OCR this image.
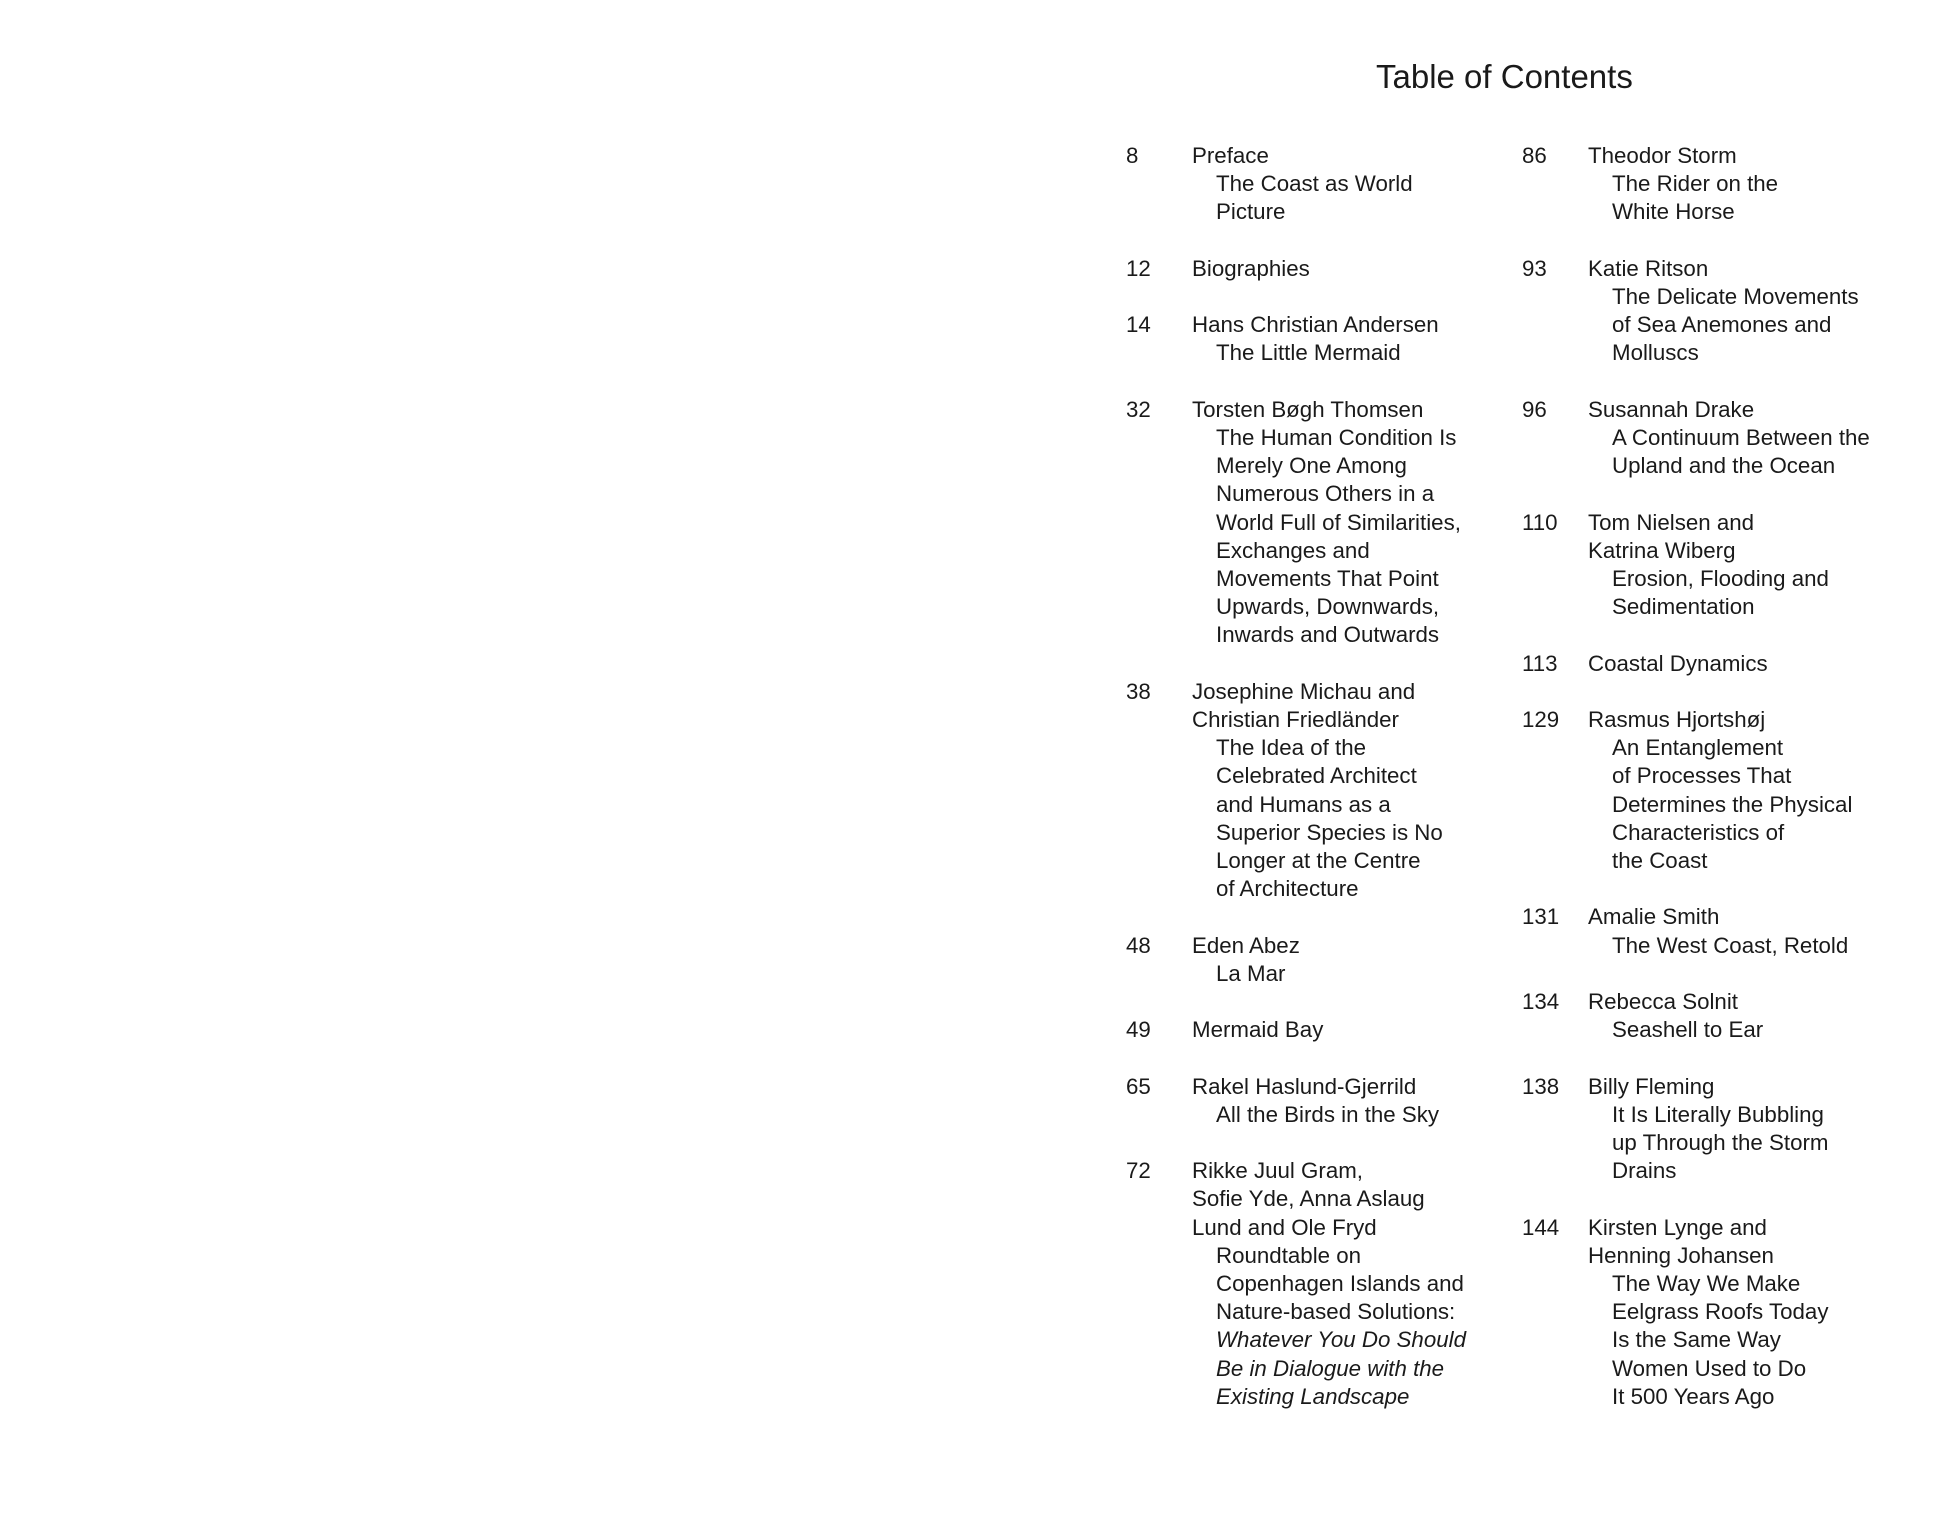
Table of Contents
8	Preface
The Coast as World
Picture
12	Biographies
14	Hans Christian Andersen
The Little Mermaid
32	Torsten Bøgh Thomsen
The Human Condition Is
Merely One Among
Numerous Others in a
World Full of Similarities,
Exchanges and
Movements That Point
Upwards, Downwards,
Inwards and Outwards
38	Josephine Michau and
Christian Friedländer
The Idea of the
Celebrated Architect
and Humans as a
Superior Species is No
Longer at the Centre
of Architecture
48	Eden Abez
La Mar
49	Mermaid Bay
65	Rakel Haslund-Gjerrild
All the Birds in the Sky
72	Rikke Juul Gram,
Sofie Yde, Anna Aslaug
Lund and Ole Fryd
Roundtable on
Copenhagen Islands and
Nature-based Solutions:
Whatever You Do Should
Be in Dialogue with the
Existing Landscape
86	Theodor Storm
The Rider on the
White Horse
93	Katie Ritson
The Delicate Movements
of Sea Anemones and
Molluscs
96	Susannah Drake
A Continuum Between the
Upland and the Ocean
110	Tom Nielsen and
Katrina Wiberg
Erosion, Flooding and
Sedimentation
113	Coastal Dynamics
129	Rasmus Hjortshøj
An Entanglement
of Processes That
Determines the Physical
Characteristics of
the Coast
131	Amalie Smith
The West Coast, Retold
134	Rebecca Solnit
Seashell to Ear
138	Billy Fleming
It Is Literally Bubbling
up Through the Storm
Drains
144	Kirsten Lynge and
Henning Johansen
The Way We Make
Eelgrass Roofs Today
Is the Same Way
Women Used to Do
It 500 Years Ago
